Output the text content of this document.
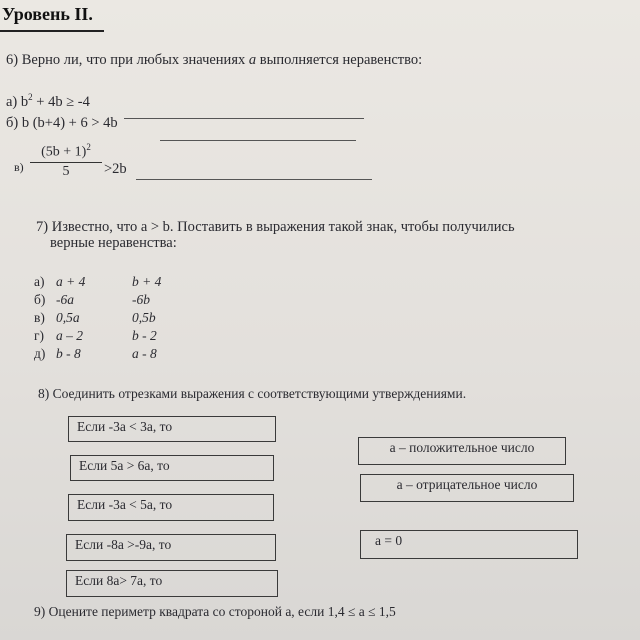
Уровень II.
6) Верно ли, что при любых значениях а выполняется неравенство:
а) $b^2 + 4b \ge -4$
б) b (b+4) + 6 > 4b
в)
$(5b + 1)^2$
5	>2b
7) Известно, что a > b. Поставить в выражения такой знак, чтобы получились
верные неравенства:
а) a + 4	b + 4
б) -6a	-6b
в) 0,5a	0,5b
г) a – 2	b - 2
д) b - 8	a - 8
8) Соединить отрезками выражения с соответствующими утверждениями.
Если -3a < 3a, то
Если 5a > 6a, то
Если -3a < 5a, то
Если -8a >-9a, то
Если 8a> 7a, то
a – положительное число
a – отрицательное число
a = 0
9) Оцените периметр квадрата со стороной a, если 1,4 ≤ a ≤ 1,5
